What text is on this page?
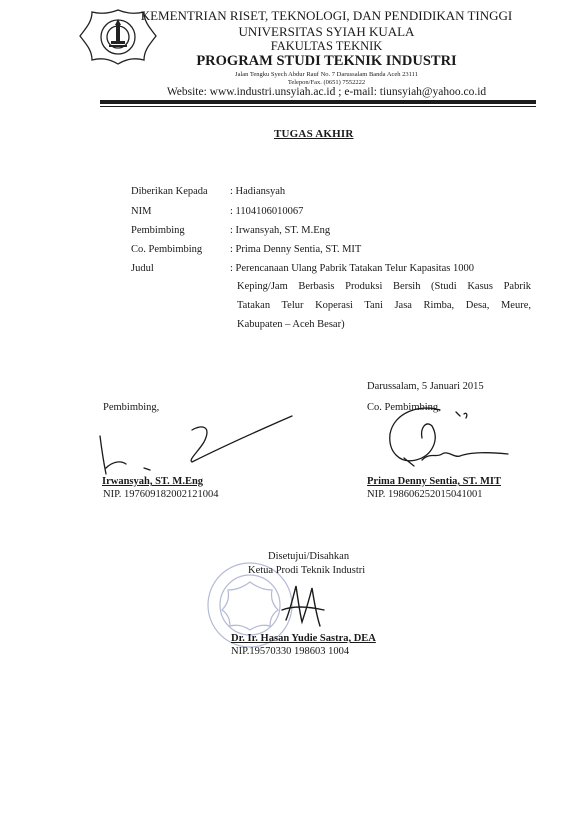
KEMENTRIAN RISET, TEKNOLOGI, DAN PENDIDIKAN TINGGI
UNIVERSITAS SYIAH KUALA
FAKULTAS TEKNIK
PROGRAM STUDI TEKNIK INDUSTRI
Jalan Tengku Syech Abdur Rauf No. 7 Darussalam Banda Aceh 23111
Telepon/Fax. (0651) 7552222
Website: www.industri.unsyiah.ac.id ; e-mail: tiunsyiah@yahoo.co.id
TUGAS AKHIR
Diberikan Kepada : Hadiansyah
NIM	: 1104106010067
Pembimbing	: Irwansyah, ST. M.Eng
Co. Pembimbing	: Prima Denny Sentia, ST. MIT
Judul	: Perencanaan Ulang Pabrik Tatakan Telur Kapasitas 1000
Keping/Jam Berbasis Produksi Bersih (Studi Kasus Pabrik
Tatakan Telur Koperasi Tani Jasa Rimba, Desa, Meure,
Kabupaten – Aceh Besar)
Darussalam, 5 Januari 2015
Pembimbing,
Irwansyah, ST. M.Eng
NIP. 197609182002121004
Co. Pembimbing,
Prima Denny Sentia, ST. MIT
NIP. 198606252015041001
Disetujui/Disahkan
Ketua Prodi Teknik Industri
Dr. Ir. Hasan Yudie Sastra, DEA
NIP.19570330 198603 1004
